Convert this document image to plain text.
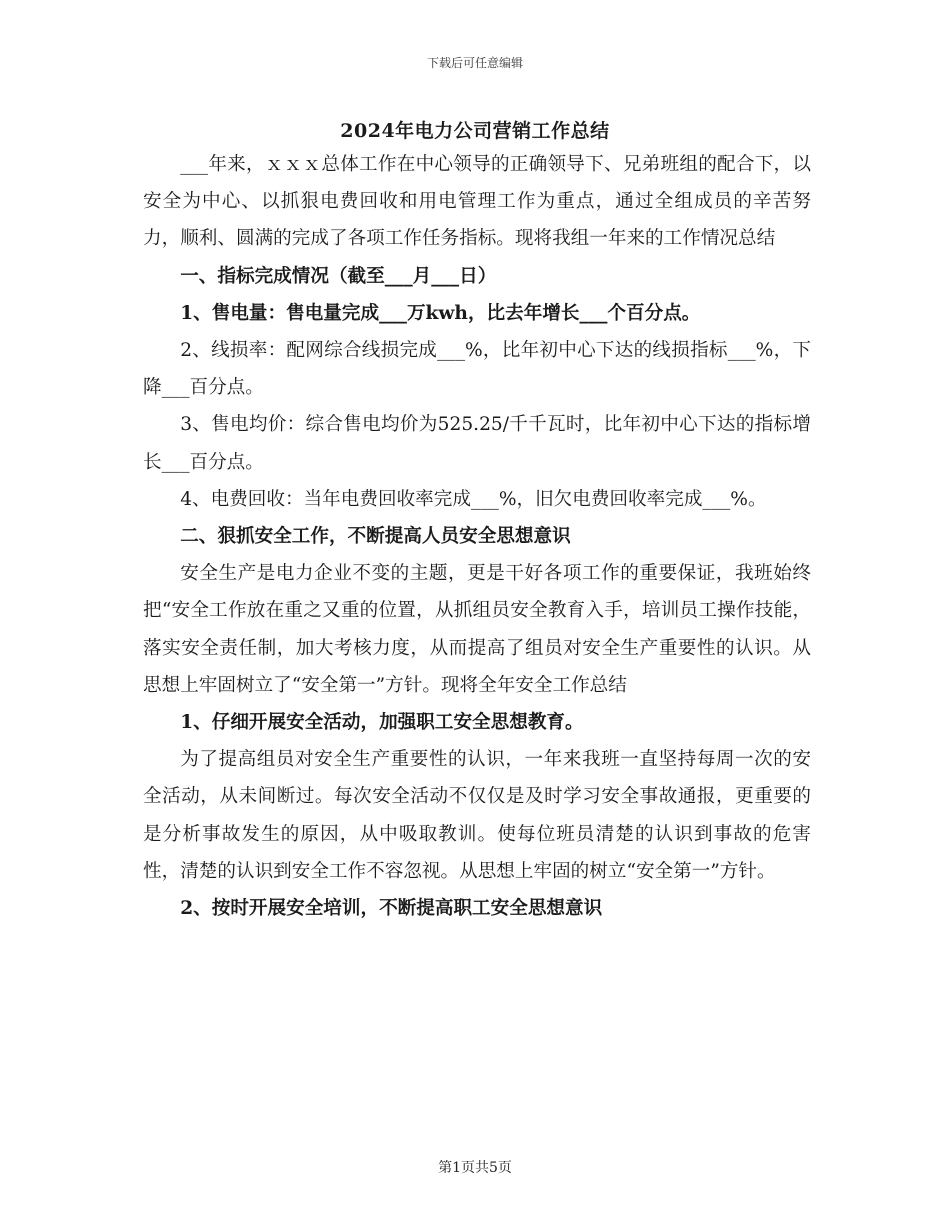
下载后可任意编辑
2024年电力公司营销工作总结

___年来，ｘｘｘ总体工作在中心领导的正确领导下、兄弟班组的配合下，以安全为中心、以抓狠电费回收和用电管理工作为重点，通过全组成员的辛苦努力，顺利、圆满的完成了各项工作任务指标。现将我组一年来的工作情况总结

一、指标完成情况（截至___月___日）

1、售电量：售电量完成___万kwh，比去年增长___个百分点。

2、线损率：配网综合线损完成___%，比年初中心下达的线损指标___%，下降___百分点。

3、售电均价：综合售电均价为525.25/千千瓦时，比年初中心下达的指标增长___百分点。

4、电费回收：当年电费回收率完成___%，旧欠电费回收率完成___%。

二、狠抓安全工作，不断提高人员安全思想意识

安全生产是电力企业不变的主题，更是干好各项工作的重要保证，我班始终把“安全工作放在重之又重的位置，从抓组员安全教育入手，培训员工操作技能，落实安全责任制，加大考核力度，从而提高了组员对安全生产重要性的认识。从思想上牢固树立了“安全第一”方针。现将全年安全工作总结

1、仔细开展安全活动，加强职工安全思想教育。

为了提高组员对安全生产重要性的认识，一年来我班一直坚持每周一次的安全活动，从未间断过。每次安全活动不仅仅是及时学习安全事故通报，更重要的是分析事故发生的原因，从中吸取教训。使每位班员清楚的认识到事故的危害性，清楚的认识到安全工作不容忽视。从思想上牢固的树立“安全第一”方针。

2、按时开展安全培训，不断提高职工安全思想意识

第1页共5页
